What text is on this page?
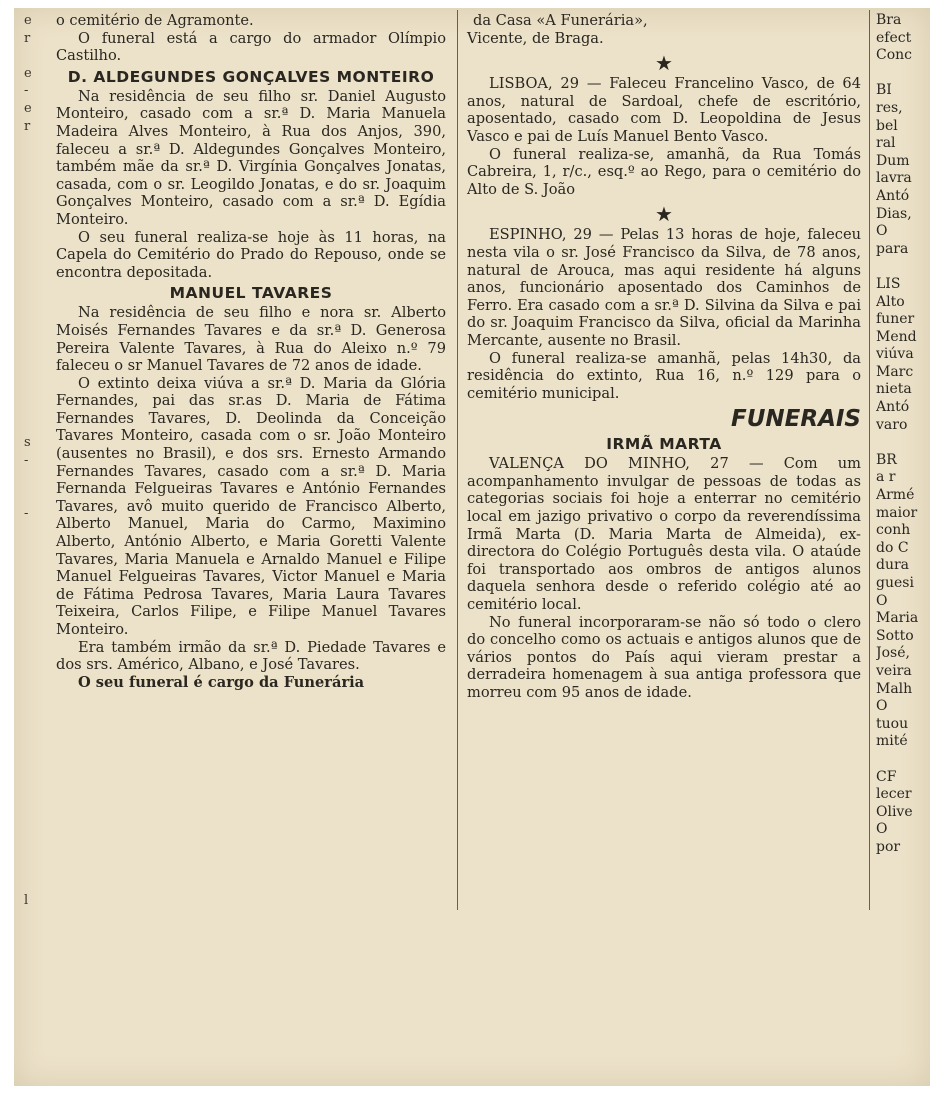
e
r
e
-
e
r
s
-
-
l

o cemitério de Agramonte.

O funeral está a cargo do armador Olímpio Castilho.

D. ALDEGUNDES GONÇALVES MONTEIRO

Na residência de seu filho sr. Daniel Augusto Monteiro, casado com a sr.ª D. Maria Manuela Madeira Alves Monteiro, à Rua dos Anjos, 390, faleceu a sr.ª D. Aldegundes Gonçalves Monteiro, também mãe da sr.ª D. Virgínia Gonçalves Jonatas, casada, com o sr. Leogildo Jonatas, e do sr. Joaquim Gonçalves Monteiro, casado com a sr.ª D. Egídia Monteiro.

O seu funeral realiza-se hoje às 11 horas, na Capela do Cemitério do Prado do Repouso, onde se encontra depositada.

MANUEL TAVARES

Na residência de seu filho e nora sr. Alberto Moisés Fernandes Tavares e da sr.ª D. Generosa Pereira Valente Tavares, à Rua do Aleixo n.º 79 faleceu o sr Manuel Tavares de 72 anos de idade.

O extinto deixa viúva a sr.ª D. Maria da Glória Fernandes, pai das sr.as D. Maria de Fátima Fernandes Tavares, D. Deolinda da Conceição Tavares Monteiro, casada com o sr. João Monteiro (ausentes no Brasil), e dos srs. Ernesto Armando Fernandes Tavares, casado com a sr.ª D. Maria Fernanda Felgueiras Tavares e António Fernandes Tavares, avô muito querido de Francisco Alberto, Alberto Manuel, Maria do Carmo, Maximino Alberto, António Alberto, e Maria Goretti Valente Tavares, Maria Manuela e Arnaldo Manuel e Filipe Manuel Felgueiras Tavares, Victor Manuel e Maria de Fátima Pedrosa Tavares, Maria Laura Tavares Teixeira, Carlos Filipe, e Filipe Manuel Tavares Monteiro.

Era também irmão da sr.ª D. Piedade Tavares e dos srs. Américo, Albano, e José Tavares.

O seu funeral é cargo da Funerária

da Casa «A Funerária»,

Vicente, de Braga.

★

LISBOA, 29 — Faleceu Francelino Vasco, de 64 anos, natural de Sardoal, chefe de escritório, aposentado, casado com D. Leopoldina de Jesus Vasco e pai de Luís Manuel Bento Vasco.

O funeral realiza-se, amanhã, da Rua Tomás Cabreira, 1, r/c., esq.º ao Rego, para o cemitério do Alto de S. João

★

ESPINHO, 29 — Pelas 13 horas de hoje, faleceu nesta vila o sr. José Francisco da Silva, de 78 anos, natural de Arouca, mas aqui residente há alguns anos, funcionário aposentado dos Caminhos de Ferro. Era casado com a sr.ª D. Silvina da Silva e pai do sr. Joaquim Francisco da Silva, oficial da Marinha Mercante, ausente no Brasil.

O funeral realiza-se amanhã, pelas 14h30, da residência do extinto, Rua 16, n.º 129 para o cemitério municipal.

FUNERAIS
IRMÃ MARTA

VALENÇA DO MINHO, 27 — Com um acompanhamento invulgar de pessoas de todas as categorias sociais foi hoje a enterrar no cemitério local em jazigo privativo o corpo da reverendíssima Irmã Marta (D. Maria Marta de Almeida), ex-directora do Colégio Português desta vila. O ataúde foi transportado aos ombros de antigos alunos daquela senhora desde o referido colégio até ao cemitério local.

No funeral incorporaram-se não só todo o clero do concelho como os actuais e antigos alunos que de vários pontos do País aqui vieram prestar a derradeira homenagem à sua antiga professora que morreu com 95 anos de idade.

Bra
efect
Conc
BI
res,
bel
ral
Dum
lavra
Antó
Dias,
O
para
LIS
Alto
funer
Mend
viúva
Marc
nieta
Antó
varo
BR
a r
Armé
maior
conh
do C
dura
guesi
O
Maria
Sotto
José,
veira
Malh
O
tuou
mité
CF
lecer
Olive
O
por
